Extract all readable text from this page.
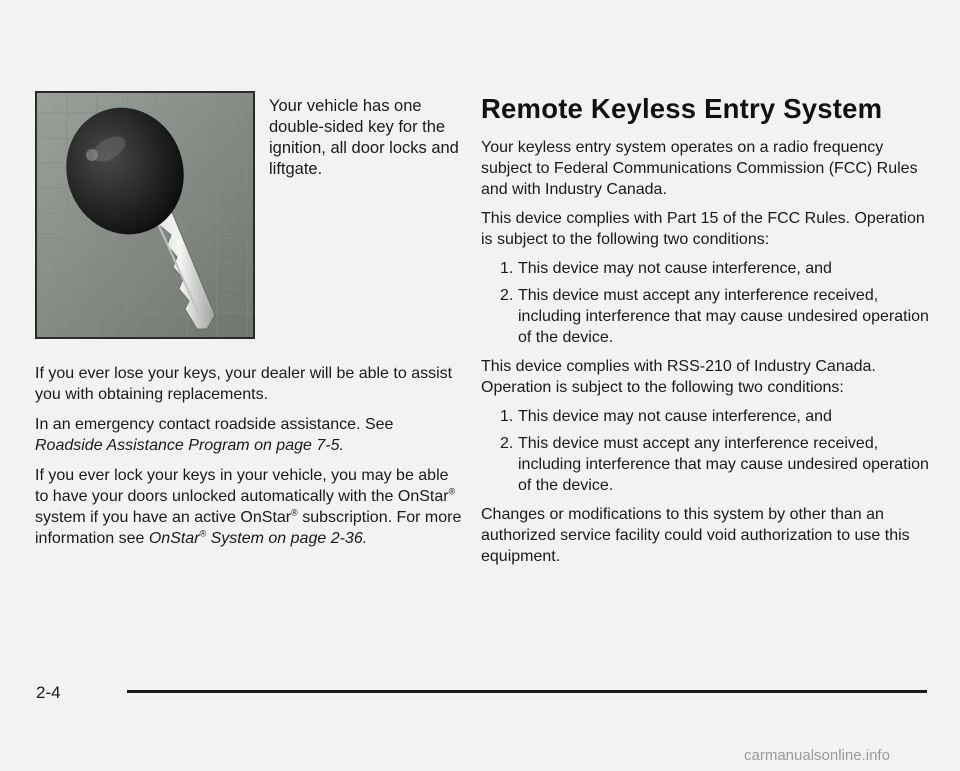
Your vehicle has one double-sided key for the ignition, all door locks and liftgate.

If you ever lose your keys, your dealer will be able to assist you with obtaining replacements.

In an emergency contact roadside assistance. See Roadside Assistance Program on page 7-5.

If you ever lock your keys in your vehicle, you may be able to have your doors unlocked automatically with the OnStar® system if you have an active OnStar® subscription. For more information see OnStar® System on page 2-36.

Remote Keyless Entry System

Your keyless entry system operates on a radio frequency subject to Federal Communications Commission (FCC) Rules and with Industry Canada.

This device complies with Part 15 of the FCC Rules. Operation is subject to the following two conditions:

1. This device may not cause interference, and
2. This device must accept any interference received, including interference that may cause undesired operation of the device.

This device complies with RSS-210 of Industry Canada. Operation is subject to the following two conditions:

1. This device may not cause interference, and
2. This device must accept any interference received, including interference that may cause undesired operation of the device.

Changes or modifications to this system by other than an authorized service facility could void authorization to use this equipment.

2-4

carmanualsonline.info
